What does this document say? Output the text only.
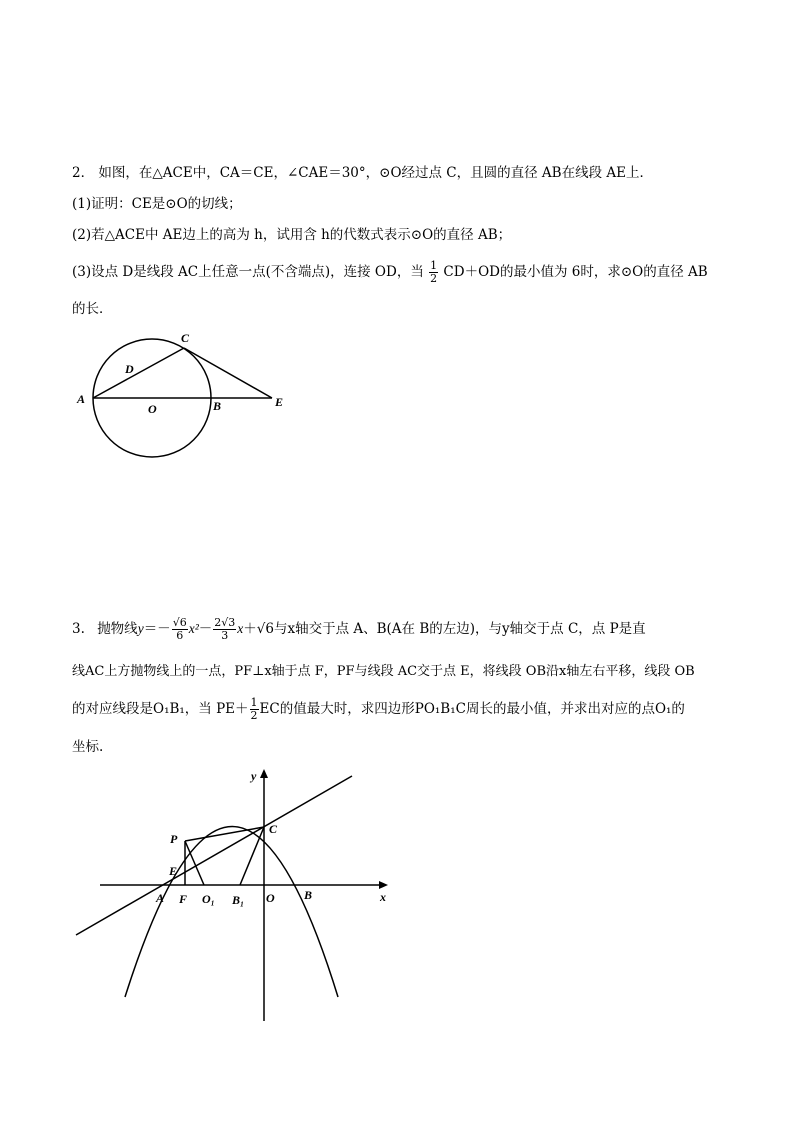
2． 如图，在△ACE中，CA＝CE，∠CAE＝30°，⊙O经过点 C，且圆的直径 AB在线段 AE上．
(1)证明：CE是⊙O的切线；
(2)若△ACE中 AE边上的高为 h，试用含 h的代数式表示⊙O的直径 AB；
(3)设点 D是线段 AC上任意一点(不含端点)，连接 OD，当 $\frac{1}{2} CD+OD$的最小值为 6时，求⊙O的直径 AB
的长．
A	B
C
D
E
O
3. 抛物线$y=- \frac{√6}{6} x^2- \frac{2√3}{3} x+√6$与x轴交于点 A、B(A在 B的左边)，与y轴交于点 C，点 P是直
线AC上方抛物线上的一点，PF⊥x轴于点 F，PF与线段 AC交于点 E，将线段 OB沿x轴左右平移，线段 OB
的对应线段是O₁B₁，当 $PE+ \frac{1}{2}$ EC的值最大时，求四边形PO₁B₁C周长的最小值，并求出对应的点O₁的
坐标.
y
x
P
C
E
A F O₁ B₁ O B
